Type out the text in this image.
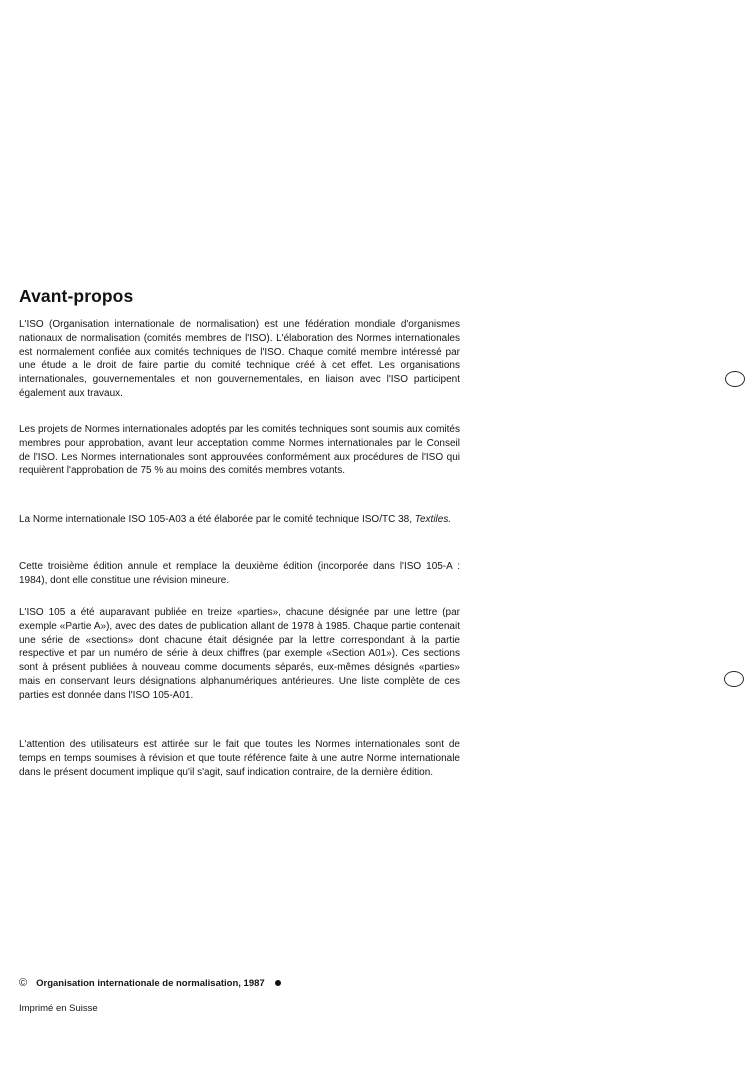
Avant-propos

L'ISO (Organisation internationale de normalisation) est une fédération mondiale d'organismes nationaux de normalisation (comités membres de l'ISO). L'élaboration des Normes internationales est normalement confiée aux comités techniques de l'ISO. Chaque comité membre intéressé par une étude a le droit de faire partie du comité technique créé à cet effet. Les organisations internationales, gouvernementales et non gouvernementales, en liaison avec l'ISO participent également aux travaux.

Les projets de Normes internationales adoptés par les comités techniques sont soumis aux comités membres pour approbation, avant leur acceptation comme Normes internationales par le Conseil de l'ISO. Les Normes internationales sont approuvées conformément aux procédures de l'ISO qui requièrent l'approbation de 75 % au moins des comités membres votants.

La Norme internationale ISO 105-A03 a été élaborée par le comité technique ISO/TC 38, Textiles.

Cette troisième édition annule et remplace la deuxième édition (incorporée dans l'ISO 105-A : 1984), dont elle constitue une révision mineure.

L'ISO 105 a été auparavant publiée en treize «parties», chacune désignée par une lettre (par exemple «Partie A»), avec des dates de publication allant de 1978 à 1985. Chaque partie contenait une série de «sections» dont chacune était désignée par la lettre correspondant à la partie respective et par un numéro de série à deux chiffres (par exemple «Section A01»). Ces sections sont à présent publiées à nouveau comme documents séparés, eux-mêmes désignés «parties» mais en conservant leurs désignations alphanumériques antérieures. Une liste complète de ces parties est donnée dans l'ISO 105-A01.

L'attention des utilisateurs est attirée sur le fait que toutes les Normes internationales sont de temps en temps soumises à révision et que toute référence faite à une autre Norme internationale dans le présent document implique qu'il s'agit, sauf indication contraire, de la dernière édition.

© Organisation internationale de normalisation, 1987
Imprimé en Suisse
